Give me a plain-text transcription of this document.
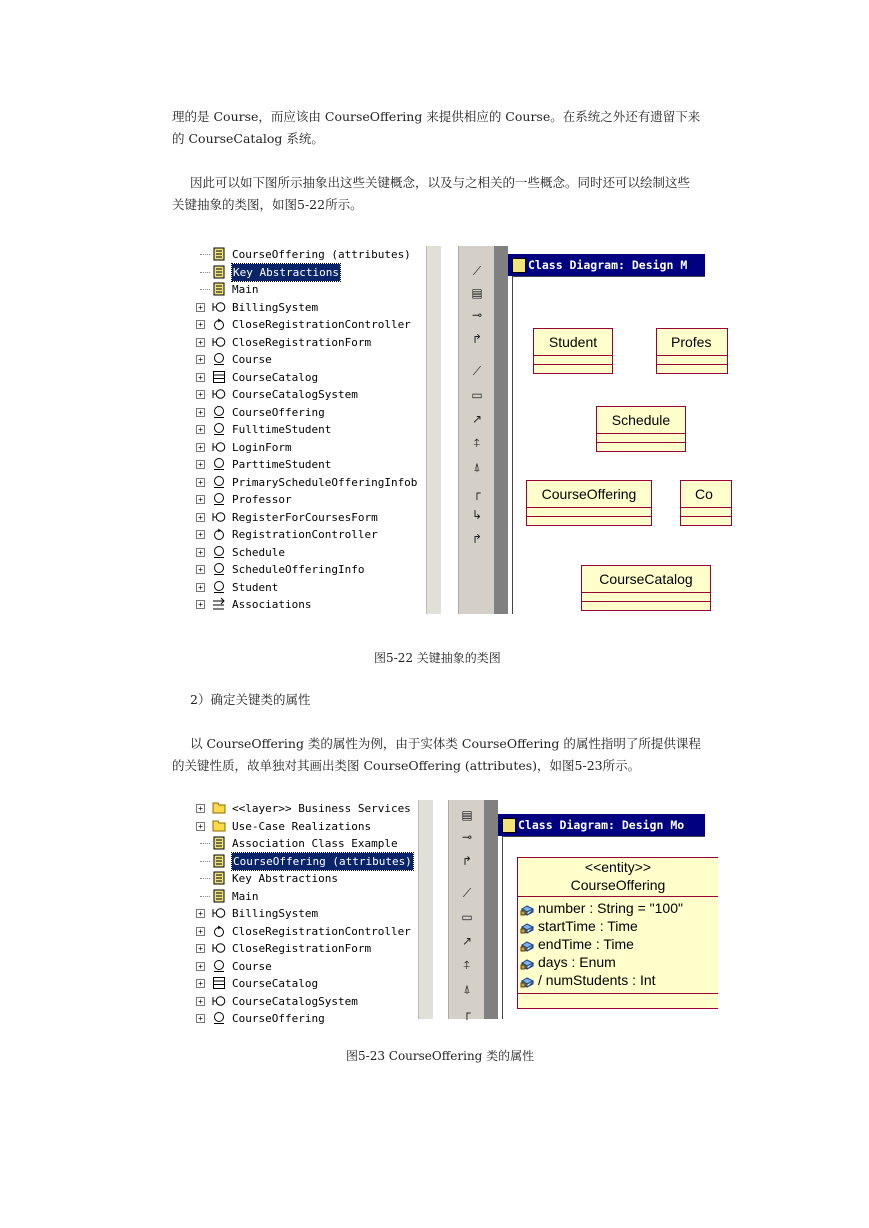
理的是 Course，而应该由 CourseOffering 来提供相应的 Course。在系统之外还有遗留下来的 CourseCatalog 系统。
因此可以如下图所示抽象出这些关键概念，以及与之相关的一些概念。同时还可以绘制这些关键抽象的类图，如图5-22所示。
CourseOffering (attributes)
Key Abstractions
Main
+	BillingSystem
+	CloseRegistrationController
+	CloseRegistrationForm
+	Course
+	CourseCatalog
+	CourseCatalogSystem
+	CourseOffering
+	FulltimeStudent
+	LoginForm
+	ParttimeStudent
+	PrimaryScheduleOfferingInfob
+	Professor
+	RegisterForCoursesForm
+	RegistrationController
+	Schedule
+	ScheduleOfferingInfo
+	Student
+	Associations
⟋
▤
⊸
↱
⟋
▭
↗
⍏
⍋
┌
↳
↱
Class Diagram: Design M
Student	Profes
Schedule
CourseOffering	Co
CourseCatalog
图5-22 关键抽象的类图
2）确定关键类的属性
以 CourseOffering 类的属性为例，由于实体类 CourseOffering 的属性指明了所提供课程的关键性质，故单独对其画出类图 CourseOffering (attributes)，如图5-23所示。
+	<<layer>> Business Services
+	Use-Case Realizations
Association Class Example
CourseOffering (attributes)
Key Abstractions
Main
+	BillingSystem
+	CloseRegistrationController
+	CloseRegistrationForm
+	Course
+	CourseCatalog
+	CourseCatalogSystem
+	CourseOffering
▤
⊸
↱
⟋
▭
↗
⍏
⍋
┌
Class Diagram: Design Mo
<<entity>>
CourseOffering
number : String = "100"
startTime : Time
endTime : Time
days : Enum
/ numStudents : Int
图5-23 CourseOffering 类的属性
